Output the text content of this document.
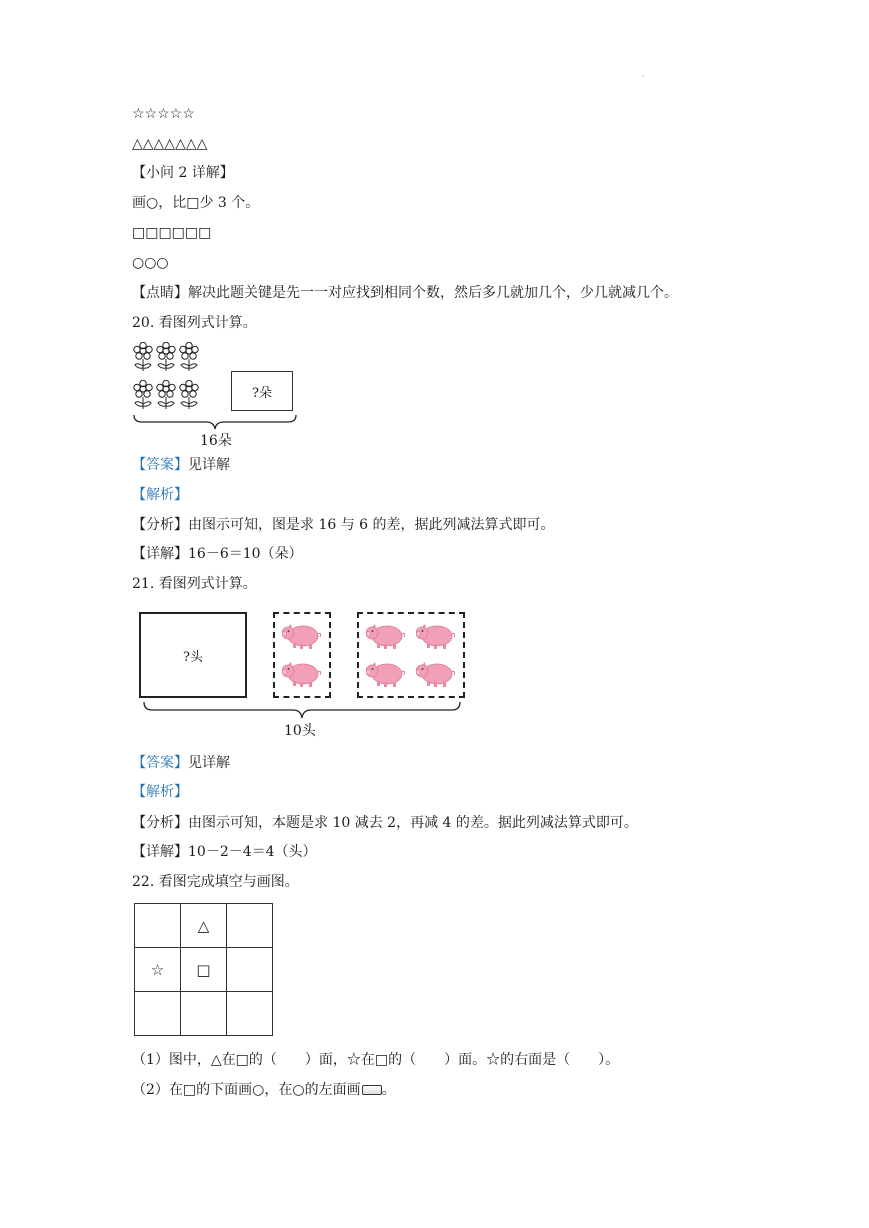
·
☆☆☆☆☆
△△△△△△△
【小问 2 详解】
画○，比□少 3 个。
□□□□□□
○○○
【点睛】解决此题关键是先一一对应找到相同个数，然后多几就加几个，少几就减几个。
20. 看图列式计算。
?朵
16朵
【答案】见详解
【解析】
【分析】由图示可知，图是求 16 与 6 的差，据此列减法算式即可。
【详解】16－6＝10（朵）
21. 看图列式计算。
?头
10头
【答案】见详解
【解析】
【分析】由图示可知，本题是求 10 减去 2，再减 4 的差。据此列减法算式即可。
【详解】10－2－4＝4（头）
22. 看图完成填空与画图。
	△	
☆	□	

（1）图中，△在□的（　　）面，☆在□的（　　）面。☆的右面是（　　）。
（2）在□的下面画○，在○的左面画 。
